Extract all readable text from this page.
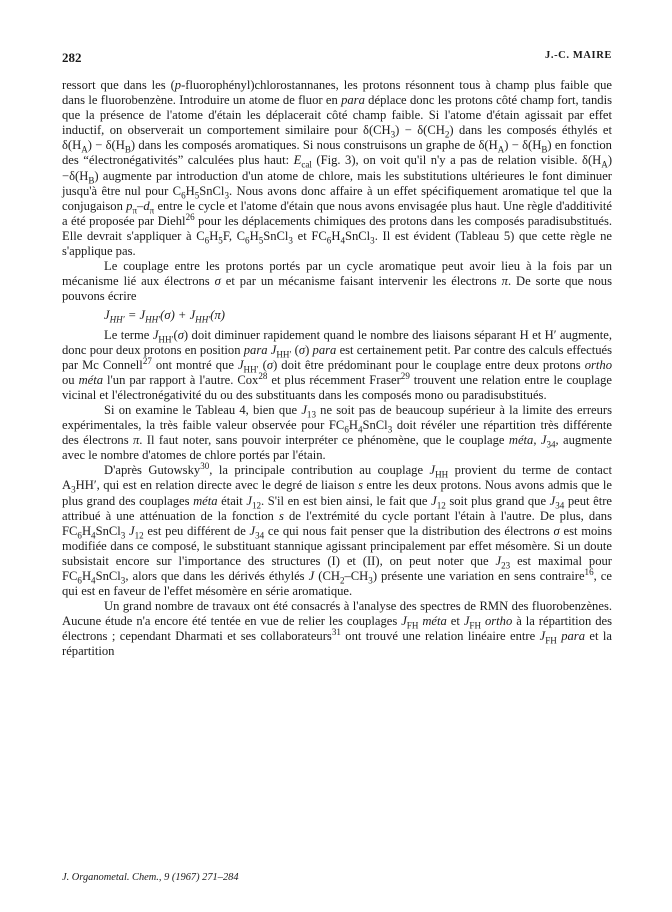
282	J.-C. MAIRE

ressort que dans les (p-fluorophényl)chlorostannanes, les protons résonnent tous à champ plus faible que dans le fluorobenzène. Introduire un atome de fluor en para déplace donc les protons côté champ fort, tandis que la présence de l'atome d'étain les déplacerait côté champ faible. Si l'atome d'étain agissait par effet inductif, on observerait un comportement similaire pour $\delta(CH_3) - \delta(CH_2)$ dans les composés éthylés et $\delta(H_A) - \delta(H_B)$ dans les composés aromatiques. Si nous construisons un graphe de $\delta(H_A) - \delta(H_B)$ en fonction des “électronégativités” calculées plus haut: $E_{cal}$ (Fig. 3), on voit qu'il n'y a pas de relation visible. $\delta(H_A)-\delta(H_B)$ augmente par introduction d'un atome de chlore, mais les substitutions ultérieures le font diminuer jusqu'à être nul pour $C_6H_5SnCl_3$. Nous avons donc affaire à un effet spécifiquement aromatique tel que la conjugaison $p_\pi-d_\pi$ entre le cycle et l'atome d'étain que nous avons envisagée plus haut. Une règle d'additivité a été proposée par Diehl$^{26}$ pour les déplacements chimiques des protons dans les composés paradisubstitués. Elle devrait s'appliquer à $C_6H_5F$, $C_6H_5SnCl_3$ et $FC_6H_4SnCl_3$. Il est évident (Tableau 5) que cette règle ne s'applique pas.

Le couplage entre les protons portés par un cycle aromatique peut avoir lieu à la fois par un mécanisme lié aux électrons σ et par un mécanisme faisant intervenir les électrons π. De sorte que nous pouvons écrire

$J_{HH'} = J_{HH'}(\sigma) + J_{HH'}(\pi)$

Le terme $J_{HH'}(\sigma)$ doit diminuer rapidement quand le nombre des liaisons séparant H et H′ augmente, donc pour deux protons en position para $J_{HH'}$ (σ) para est certainement petit. Par contre des calculs effectués par Mc Connell$^{27}$ ont montré que $J_{HH'}$ (σ) doit être prédominant pour le couplage entre deux protons ortho ou méta l'un par rapport à l'autre. Cox$^{28}$ et plus récemment Fraser$^{29}$ trouvent une relation entre le couplage vicinal et l'électronégativité du ou des substituants dans les composés mono ou paradisubstitués.

Si on examine le Tableau 4, bien que $J_{13}$ ne soit pas de beaucoup supérieur à la limite des erreurs expérimentales, la très faible valeur observée pour $FC_6H_4SnCl_3$ doit révéler une répartition très différente des électrons π. Il faut noter, sans pouvoir interpréter ce phénomène, que le couplage méta, $J_{34}$, augmente avec le nombre d'atomes de chlore portés par l'étain.

D'après Gutowsky$^{30}$, la principale contribution au couplage $J_{HH}$ provient du terme de contact $A_3HH'$, qui est en relation directe avec le degré de liaison s entre les deux protons. Nous avons admis que le plus grand des couplages méta était $J_{12}$. S'il en est bien ainsi, le fait que $J_{12}$ soit plus grand que $J_{34}$ peut être attribué à une atténuation de la fonction s de l'extrémité du cycle portant l'étain à l'autre. De plus, dans $FC_6H_4SnCl_3$ $J_{12}$ est peu différent de $J_{34}$ ce qui nous fait penser que la distribution des électrons σ est moins modifiée dans ce composé, le substituant stannique agissant principalement par effet mésomère. Si un doute subsistait encore sur l'importance des structures (I) et (II), on peut noter que $J_{23}$ est maximal pour $FC_6H_4SnCl_3$, alors que dans les dérivés éthylés J $(CH_2-CH_3)$ présente une variation en sens contraire$^{16}$, ce qui est en faveur de l'effet mésomère en série aromatique.

Un grand nombre de travaux ont été consacrés à l'analyse des spectres de RMN des fluorobenzènes. Aucune étude n'a encore été tentée en vue de relier les couplages $J_{FH}$ méta et $J_{FH}$ ortho à la répartition des électrons ; cependant Dharmati et ses collaborateurs$^{31}$ ont trouvé une relation linéaire entre $J_{FH}$ para et la répartition

J. Organometal. Chem., 9 (1967) 271–284
